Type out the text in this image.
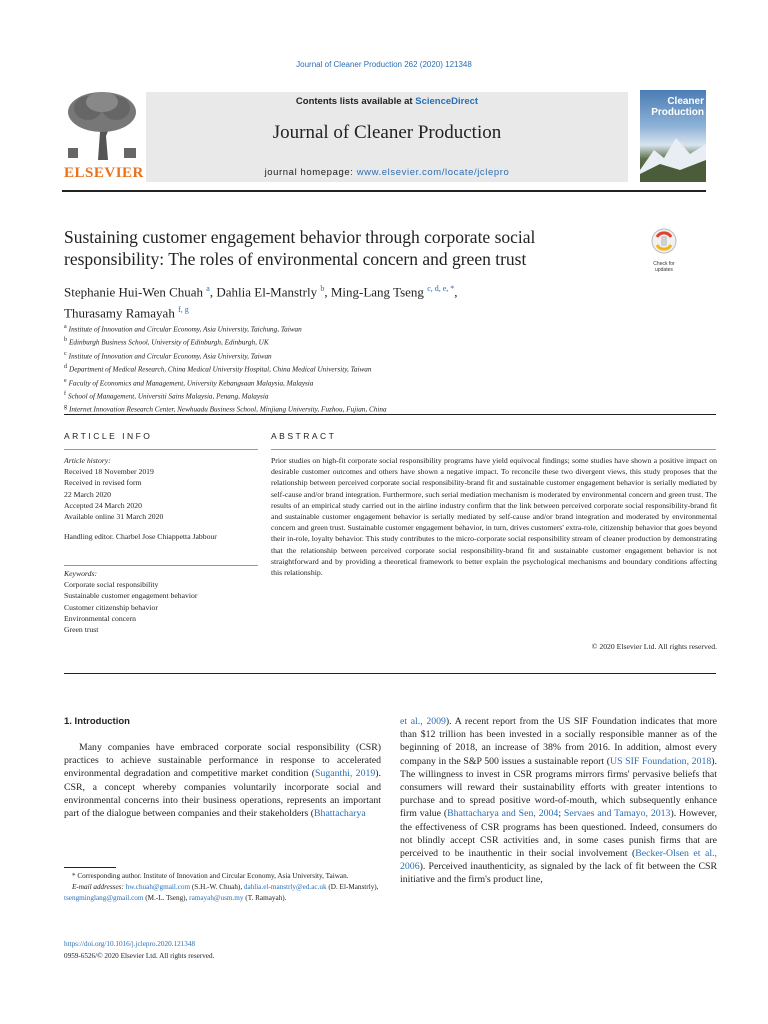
Journal of Cleaner Production 262 (2020) 121348
ELSEVIER
Contents lists available at ScienceDirect
Journal of Cleaner Production
journal homepage: www.elsevier.com/locate/jclepro
Cleaner Production
Sustaining customer engagement behavior through corporate social responsibility: The roles of environmental concern and green trust	Check for updates
Stephanie Hui-Wen Chuah $^a$, Dahlia El-Manstrly $^b$, Ming-Lang Tseng $^{c, d, e, *}$,
Thurasamy Ramayah $^{f, g}$
$^a$ Institute of Innovation and Circular Economy, Asia University, Taichung, Taiwan
$^b$ Edinburgh Business School, University of Edinburgh, Edinburgh, UK
$^c$ Institute of Innovation and Circular Economy, Asia University, Taiwan
$^d$ Department of Medical Research, China Medical University Hospital, China Medical University, Taiwan
$^e$ Faculty of Economics and Management, University Kebangsaan Malaysia, Malaysia
$^f$ School of Management, Universiti Sains Malaysia, Penang, Malaysia
$^g$ Internet Innovation Research Center, Newhuadu Business School, Minjiang University, Fuzhou, Fujian, China
ARTICLE INFO	ABSTRACT
Article history:
Received 18 November 2019
Received in revised form
22 March 2020
Accepted 24 March 2020
Available online 31 March 2020
Handling editor. Charbel Jose Chiappetta Jabbour
Keywords:
Corporate social responsibility
Sustainable customer engagement behavior
Customer citizenship behavior
Environmental concern
Green trust
Prior studies on high-fit corporate social responsibility programs have yield equivocal findings; some studies have shown a positive impact on desirable customer outcomes and others have shown a negative impact. To reconcile these two divergent views, this study proposes that the relationship between perceived corporate social responsibility-brand fit and sustainable customer engagement behavior is serially mediated by self-cause and/or brand integration. Furthermore, such serial mediation mechanism is moderated by environmental concern and green trust. The results of an empirical study carried out in the airline industry confirm that the link between perceived corporate social responsibility-brand fit and sustainable customer engagement behavior is serially mediated by self-cause and/or brand integration and moderated by environmental concern and green trust. Sustainable customer engagement behavior, in turn, drives customers' extra-role, citizenship behavior that goes beyond their in-role, loyalty behavior. This study contributes to the micro-corporate social responsibility stream of cleaner production by demonstrating that the relationship between perceived corporate social responsibility-brand fit and sustainable customer engagement behavior is not straightforward and by providing a theoretical framework to better explain the psychological mechanisms and boundary conditions affecting this relationship.
© 2020 Elsevier Ltd. All rights reserved.
1. Introduction
Many companies have embraced corporate social responsibility (CSR) practices to achieve sustainable performance in response to accelerated environmental degradation and competitive market condition (Suganthi, 2019). CSR, a concept whereby companies voluntarily incorporate social and environmental concerns into their business operations, represents an important part of the dialogue between companies and their stakeholders (Bhattacharya
et al., 2009). A recent report from the US SIF Foundation indicates that more than $12 trillion has been invested in a socially responsible manner as of the beginning of 2018, an increase of 38% from 2016. In addition, almost every company in the S&P 500 issues a sustainable report (US SIF Foundation, 2018). The willingness to invest in CSR programs mirrors firms' pervasive beliefs that consumers will reward their sustainability efforts with greater intentions to purchase and to spread positive word-of-mouth, which subsequently enhance firm value (Bhattacharya and Sen, 2004; Servaes and Tamayo, 2013). However, the effectiveness of CSR programs has been questioned. Indeed, consumers do not blindly accept CSR activities and, in some cases punish firms that are perceived to be inauthentic in their social involvement (Becker-Olsen et al., 2006). Perceived inauthenticity, as signaled by the lack of fit between the CSR initiative and the firm's product line,
* Corresponding author. Institute of Innovation and Circular Economy, Asia University, Taiwan.
E-mail addresses: hw.chuah@gmail.com (S.H.-W. Chuah), dahlia.el-manstrly@ed.ac.uk (D. El-Manstrly), tsengminglang@gmail.com (M.-L. Tseng), ramayah@usm.my (T. Ramayah).
https://doi.org/10.1016/j.jclepro.2020.121348
0959-6526/© 2020 Elsevier Ltd. All rights reserved.
